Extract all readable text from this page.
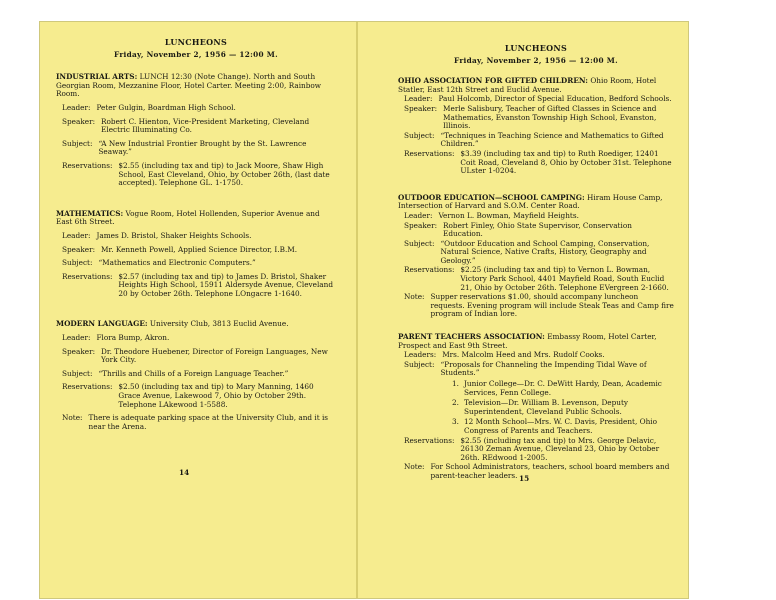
LUNCHEONS
Friday, November 2, 1956 — 12:00 M.
INDUSTRIAL ARTS: LUNCH 12:30 (Note Change). North and South Georgian Room, Mezzanine Floor, Hotel Carter. Meeting 2:00, Rainbow Room.
Leader: Peter Gulgin, Boardman High School.
Speaker: Robert C. Hienton, Vice-President Marketing, Cleveland Electric Illuminating Co.
Subject: “A New Industrial Frontier Brought by the St. Lawrence Seaway.”
Reservations: $2.55 (including tax and tip) to Jack Moore, Shaw High School, East Cleveland, Ohio, by October 26th, (last date accepted). Telephone GL. 1-1750.
MATHEMATICS: Vogue Room, Hotel Hollenden, Superior Avenue and East 6th Street.
Leader: James D. Bristol, Shaker Heights Schools.
Speaker: Mr. Kenneth Powell, Applied Science Director, I.B.M.
Subject: “Mathematics and Electronic Computers.”
Reservations: $2.57 (including tax and tip) to James D. Bristol, Shaker Heights High School, 15911 Aldersyde Avenue, Cleveland 20 by October 26th. Telephone LOngacre 1-1640.
MODERN LANGUAGE: University Club, 3813 Euclid Avenue.
Leader: Flora Bump, Akron.
Speaker: Dr. Theodore Huebener, Director of Foreign Languages, New York City.
Subject: “Thrills and Chills of a Foreign Language Teacher.”
Reservations: $2.50 (including tax and tip) to Mary Manning, 1460 Grace Avenue, Lakewood 7, Ohio by October 29th. Telephone LAkewood 1-5588.
Note: There is adequate parking space at the University Club, and it is near the Arena.
14
LUNCHEONS
Friday, November 2, 1956 — 12:00 M.
OHIO ASSOCIATION FOR GIFTED CHILDREN: Ohio Room, Hotel Statler, East 12th Street and Euclid Avenue.
Leader: Paul Holcomb, Director of Special Education, Bedford Schools.
Speaker: Merle Salisbury, Teacher of Gifted Classes in Science and Mathematics, Evanston Township High School, Evanston, Illinois.
Subject: “Techniques in Teaching Science and Mathematics to Gifted Children.”
Reservations: $3.39 (including tax and tip) to Ruth Roediger, 12401 Coit Road, Cleveland 8, Ohio by October 31st. Telephone ULster 1-0204.
OUTDOOR EDUCATION—SCHOOL CAMPING: Hiram House Camp, Intersection of Harvard and S.O.M. Center Road.
Leader: Vernon L. Bowman, Mayfield Heights.
Speaker: Robert Finley, Ohio State Supervisor, Conservation Education.
Subject: “Outdoor Education and School Camping, Conservation, Natural Science, Native Crafts, History, Geography and Geology.”
Reservations: $2.25 (including tax and tip) to Vernon L. Bowman, Victory Park School, 4401 Mayfield Road, South Euclid 21, Ohio by October 26th. Telephone EVergreen 2-1660.
Note: Supper reservations $1.00, should accompany luncheon requests. Evening program will include Steak Teas and Camp fire program of Indian lore.
PARENT TEACHERS ASSOCIATION: Embassy Room, Hotel Carter, Prospect and East 9th Street.
Leaders: Mrs. Malcolm Heed and Mrs. Rudolf Cooks.
Subject: “Proposals for Channeling the Impending Tidal Wave of Students.”
1. Junior College—Dr. C. DeWitt Hardy, Dean, Academic Services, Fenn College.
2. Television—Dr. William B. Levenson, Deputy Superintendent, Cleveland Public Schools.
3. 12 Month School—Mrs. W. C. Davis, President, Ohio Congress of Parents and Teachers.
Reservations: $2.55 (including tax and tip) to Mrs. George Delavic, 26130 Zeman Avenue, Cleveland 23, Ohio by October 26th. REdwood 1-2005.
Note: For School Administrators, teachers, school board members and parent-teacher leaders. 15
